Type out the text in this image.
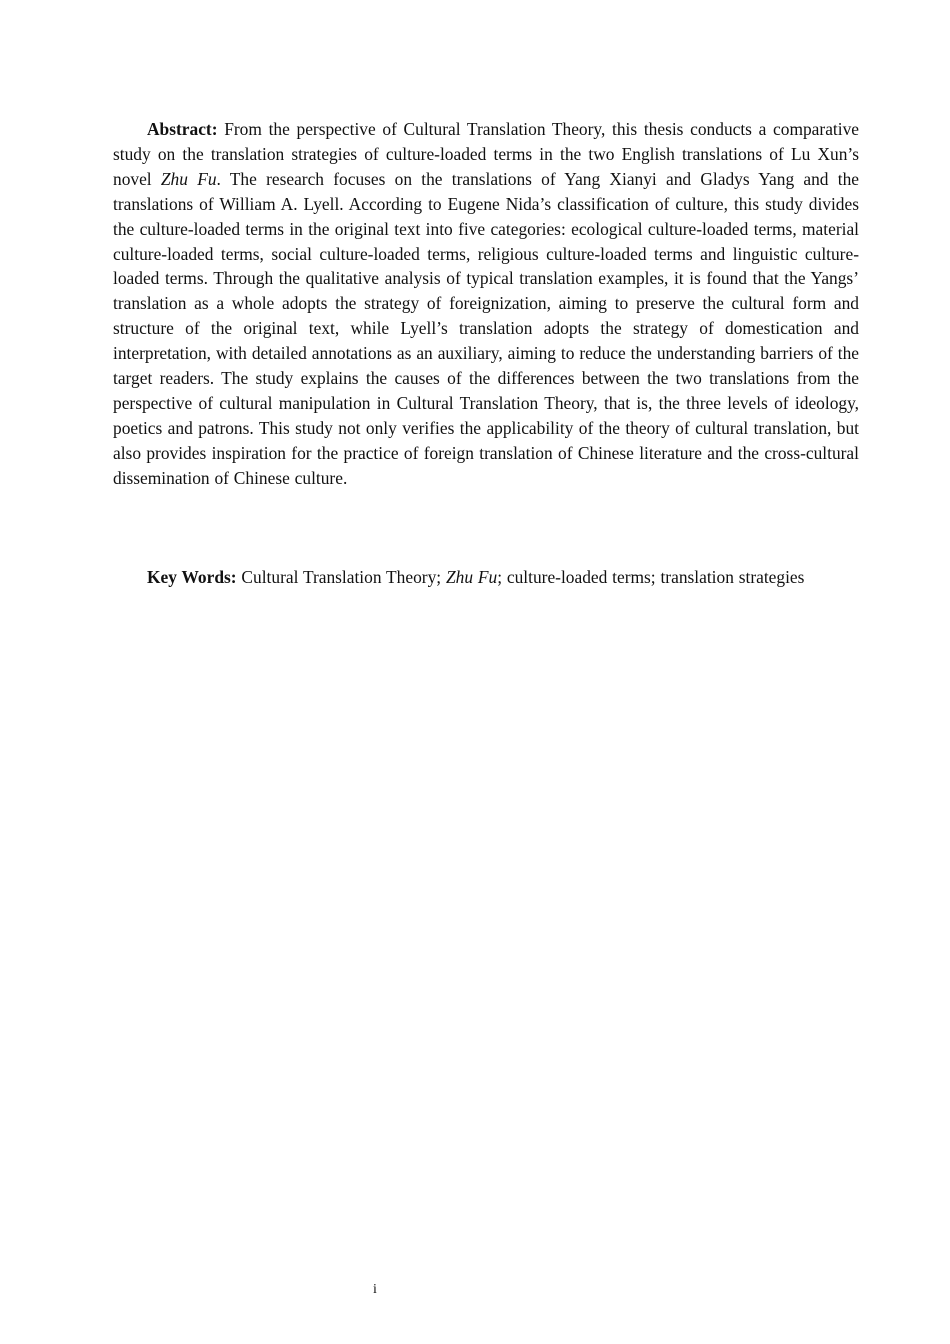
Abstract: From the perspective of Cultural Translation Theory, this thesis conducts a comparative study on the translation strategies of culture-loaded terms in the two English translations of Lu Xun’s novel Zhu Fu. The research focuses on the translations of Yang Xianyi and Gladys Yang and the translations of William A. Lyell. According to Eugene Nida’s classification of culture, this study divides the culture-loaded terms in the original text into five categories: ecological culture-loaded terms, material culture-loaded terms, social culture-loaded terms, religious culture-loaded terms and linguistic culture-loaded terms. Through the qualitative analysis of typical translation examples, it is found that the Yangs’ translation as a whole adopts the strategy of foreignization, aiming to preserve the cultural form and structure of the original text, while Lyell’s translation adopts the strategy of domestication and interpretation, with detailed annotations as an auxiliary, aiming to reduce the understanding barriers of the target readers. The study explains the causes of the differences between the two translations from the perspective of cultural manipulation in Cultural Translation Theory, that is, the three levels of ideology, poetics and patrons. This study not only verifies the applicability of the theory of cultural translation, but also provides inspiration for the practice of foreign translation of Chinese literature and the cross-cultural dissemination of Chinese culture.

Key Words: Cultural Translation Theory; Zhu Fu; culture-loaded terms; translation strategies

i
